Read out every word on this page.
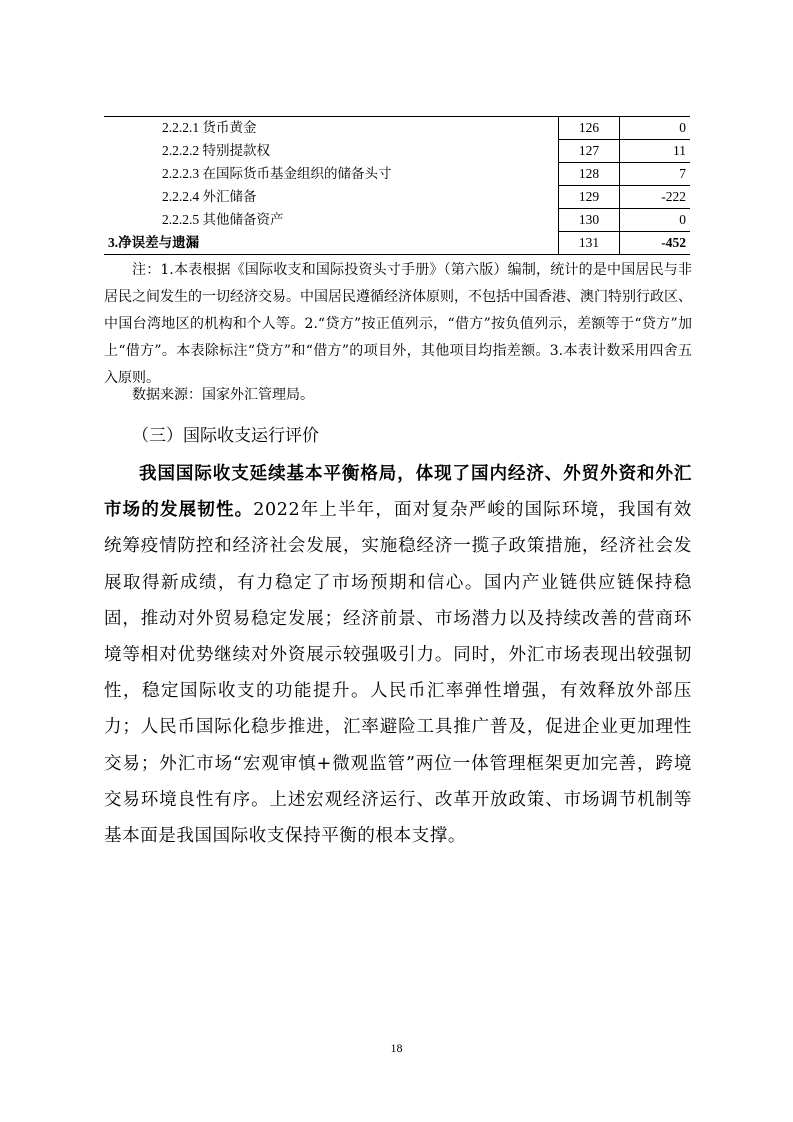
2.2.2.1 货币黄金	126	0
2.2.2.2 特别提款权	127	11
2.2.2.3 在国际货币基金组织的储备头寸	128	7
2.2.2.4 外汇储备	129	-222
2.2.2.5 其他储备资产	130	0
3.净误差与遗漏	131	-452

注：1.本表根据《国际收支和国际投资头寸手册》（第六版）编制，统计的是中国居民与非居民之间发生的一切经济交易。中国居民遵循经济体原则，不包括中国香港、澳门特别行政区、中国台湾地区的机构和个人等。2.“贷方”按正值列示，“借方”按负值列示，差额等于“贷方”加上“借方”。本表除标注“贷方”和“借方”的项目外，其他项目均指差额。3.本表计数采用四舍五入原则。

数据来源：国家外汇管理局。
（三）国际收支运行评价
我国国际收支延续基本平衡格局，体现了国内经济、外贸外资和外汇市场的发展韧性。2022年上半年，面对复杂严峻的国际环境，我国有效统筹疫情防控和经济社会发展，实施稳经济一揽子政策措施，经济社会发展取得新成绩，有力稳定了市场预期和信心。国内产业链供应链保持稳固，推动对外贸易稳定发展；经济前景、市场潜力以及持续改善的营商环境等相对优势继续对外资展示较强吸引力。同时，外汇市场表现出较强韧性，稳定国际收支的功能提升。人民币汇率弹性增强，有效释放外部压力；人民币国际化稳步推进，汇率避险工具推广普及，促进企业更加理性交易；外汇市场“宏观审慎+微观监管”两位一体管理框架更加完善，跨境交易环境良性有序。上述宏观经济运行、改革开放政策、市场调节机制等基本面是我国国际收支保持平衡的根本支撑。
18
